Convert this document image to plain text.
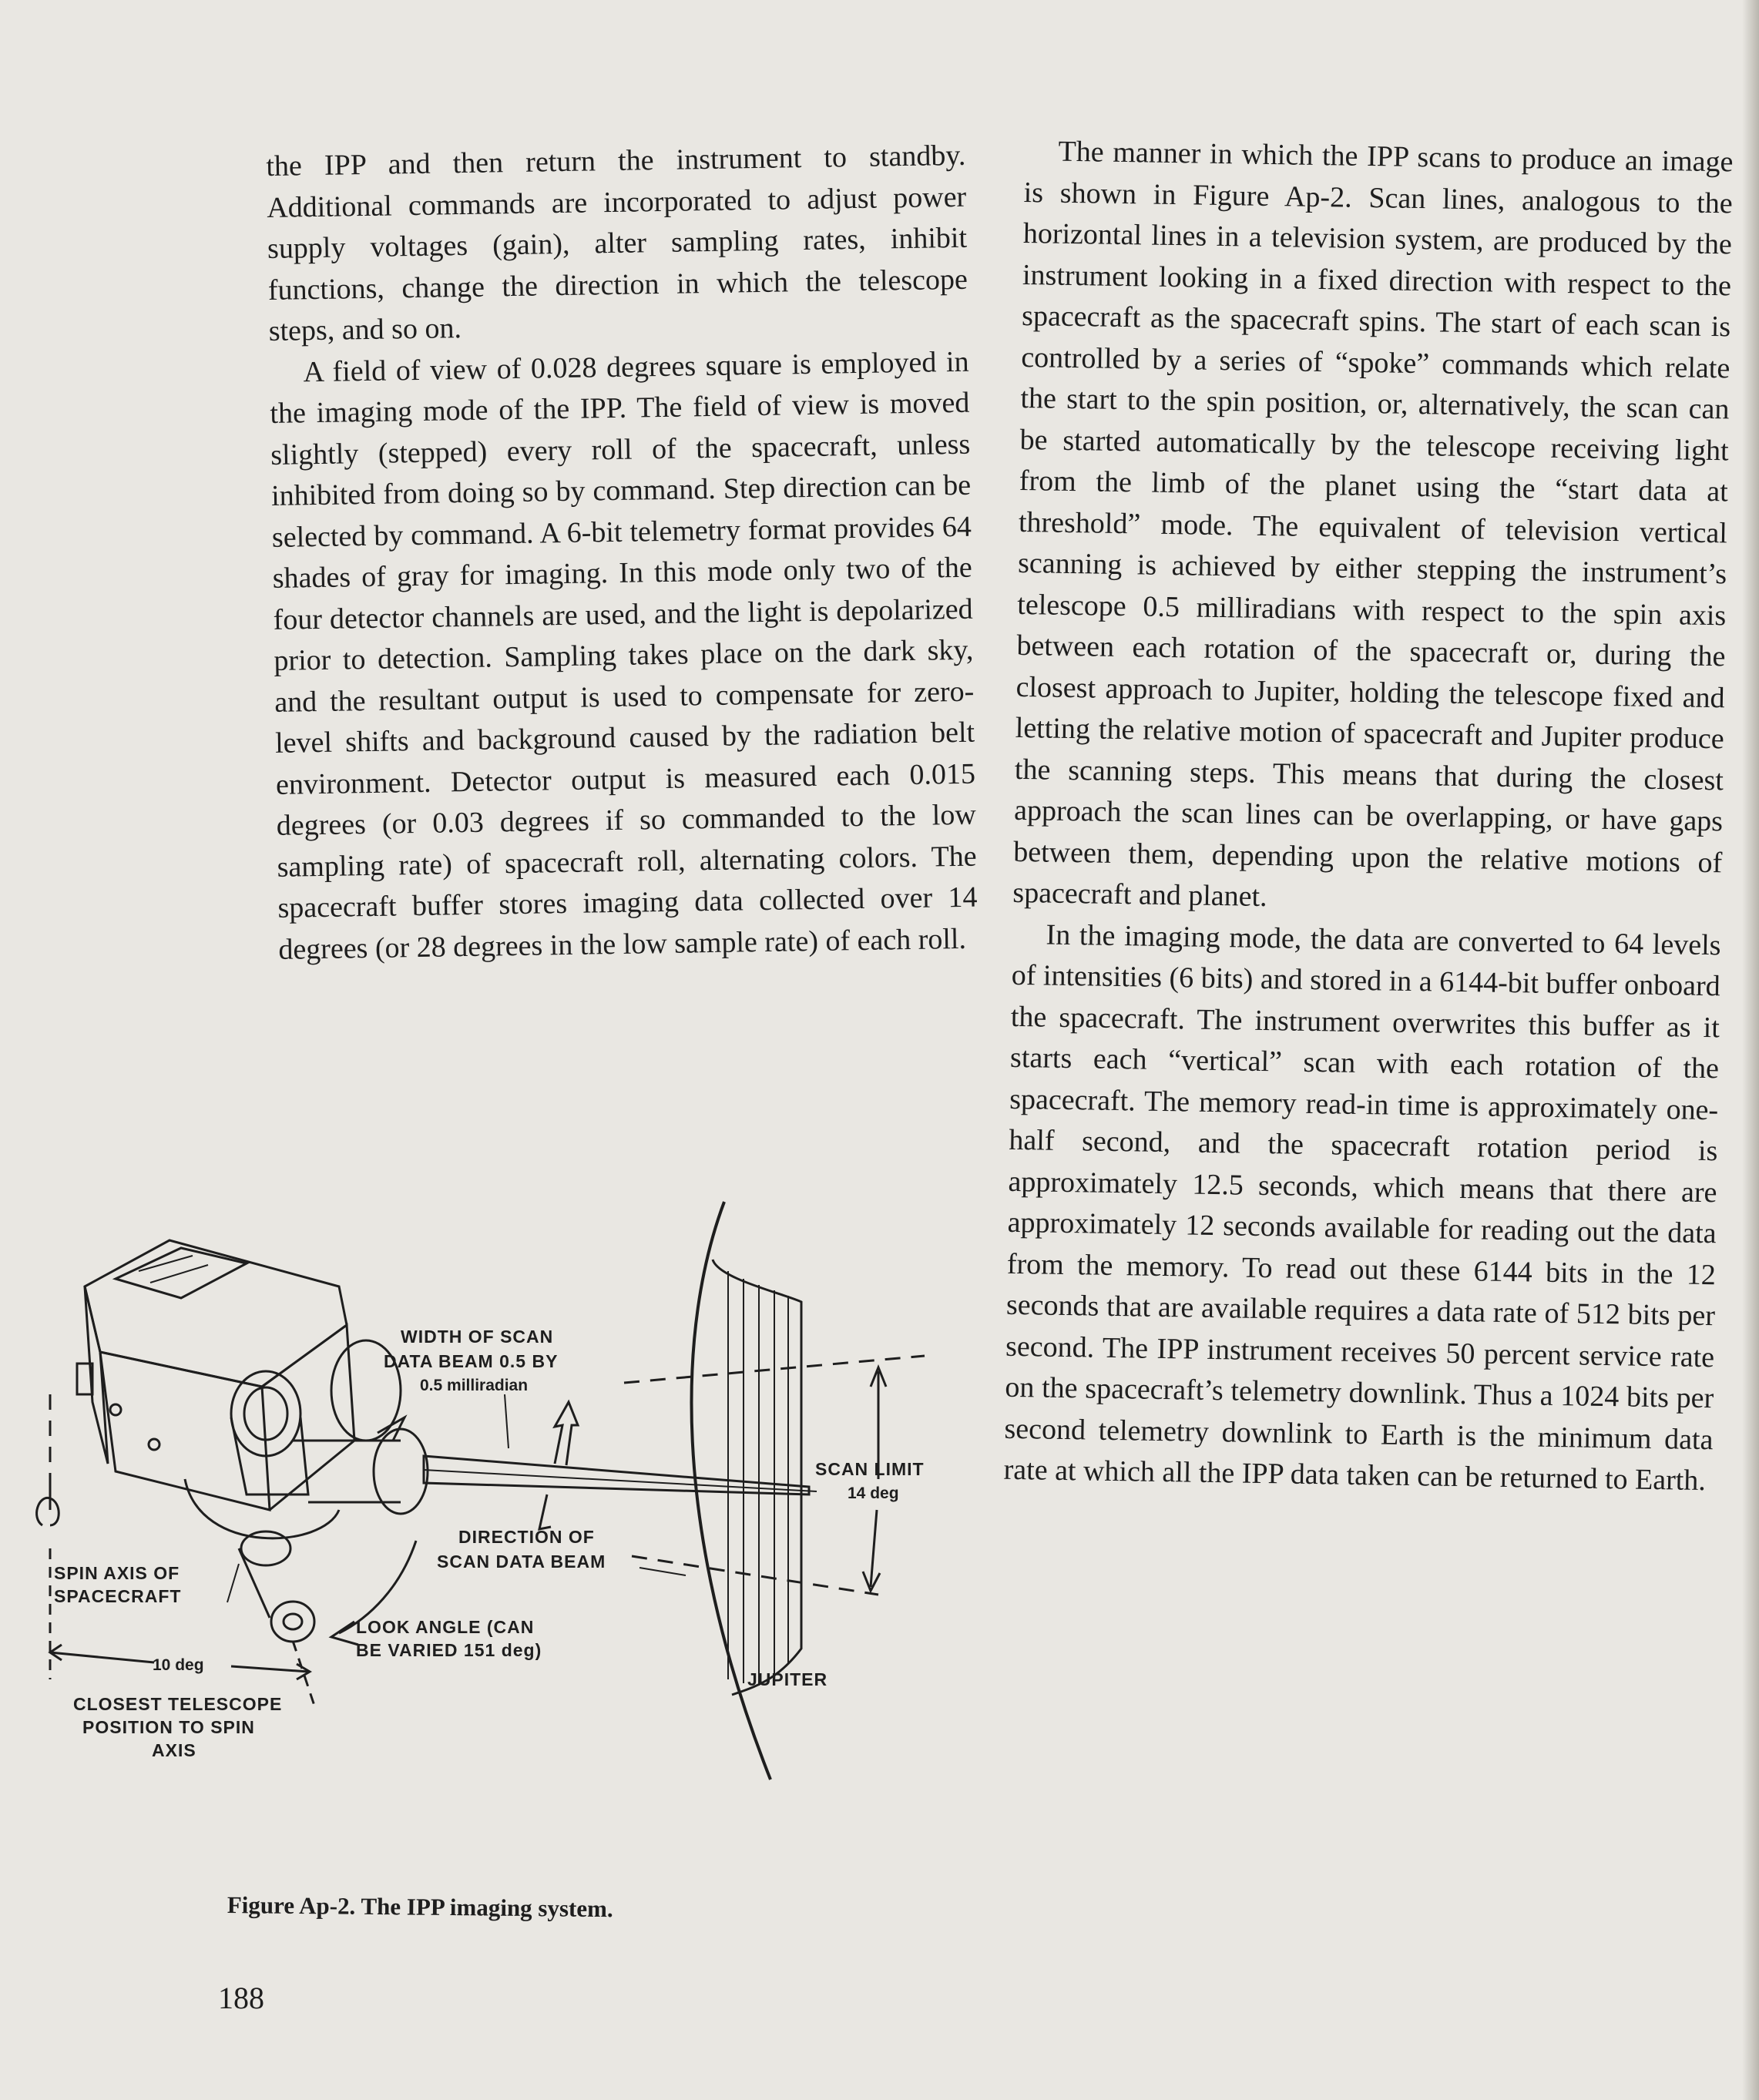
the IPP and then return the instrument to standby. Additional commands are incorporated to adjust power supply voltages (gain), alter sampling rates, inhibit functions, change the direction in which the telescope steps, and so on.

A field of view of 0.028 degrees square is employed in the imaging mode of the IPP. The field of view is moved slightly (stepped) every roll of the spacecraft, unless inhibited from doing so by command. Step direction can be selected by command. A 6-bit telemetry format provides 64 shades of gray for imaging. In this mode only two of the four detector channels are used, and the light is depolarized prior to detection. Sampling takes place on the dark sky, and the resultant output is used to compensate for zero-level shifts and background caused by the radiation belt environment. Detector output is measured each 0.015 degrees (or 0.03 degrees if so commanded to the low sampling rate) of spacecraft roll, alternating colors. The spacecraft buffer stores imaging data collected over 14 degrees (or 28 degrees in the low sample rate) of each roll.

The manner in which the IPP scans to produce an image is shown in Figure Ap-2. Scan lines, analogous to the horizontal lines in a television system, are produced by the instrument looking in a fixed direction with respect to the spacecraft as the spacecraft spins. The start of each scan is controlled by a series of “spoke” commands which relate the start to the spin position, or, alternatively, the scan can be started automatically by the telescope receiving light from the limb of the planet using the “start data at threshold” mode. The equivalent of television vertical scanning is achieved by either stepping the instrument’s telescope 0.5 milliradians with respect to the spin axis between each rotation of the spacecraft or, during the closest approach to Jupiter, holding the telescope fixed and letting the relative motion of spacecraft and Jupiter produce the scanning steps. This means that during the closest approach the scan lines can be overlapping, or have gaps between them, depending upon the relative motions of spacecraft and planet.

In the imaging mode, the data are converted to 64 levels of intensities (6 bits) and stored in a 6144-bit buffer onboard the spacecraft. The instrument overwrites this buffer as it starts each “vertical” scan with each rotation of the spacecraft. The memory read-in time is approximately one-half second, and the spacecraft rotation period is approximately 12.5 seconds, which means that there are approximately 12 seconds available for reading out the data from the memory. To read out these 6144 bits in the 12 seconds that are available requires a data rate of 512 bits per second. The IPP instrument receives 50 percent service rate on the spacecraft’s telemetry downlink. Thus a 1024 bits per second telemetry downlink to Earth is the minimum data rate at which all the IPP data taken can be returned to Earth.

WIDTH OF SCAN
DATA BEAM 0.5 BY
0.5 milliradian
SCAN LIMIT
14 deg
DIRECTION OF
SCAN DATA BEAM
SPIN AXIS OF
SPACECRAFT
LOOK ANGLE (CAN
BE VARIED 151 deg)
10 deg
CLOSEST TELESCOPE
POSITION TO SPIN
AXIS
JUPITER
Figure Ap-2. The IPP imaging system.
188
